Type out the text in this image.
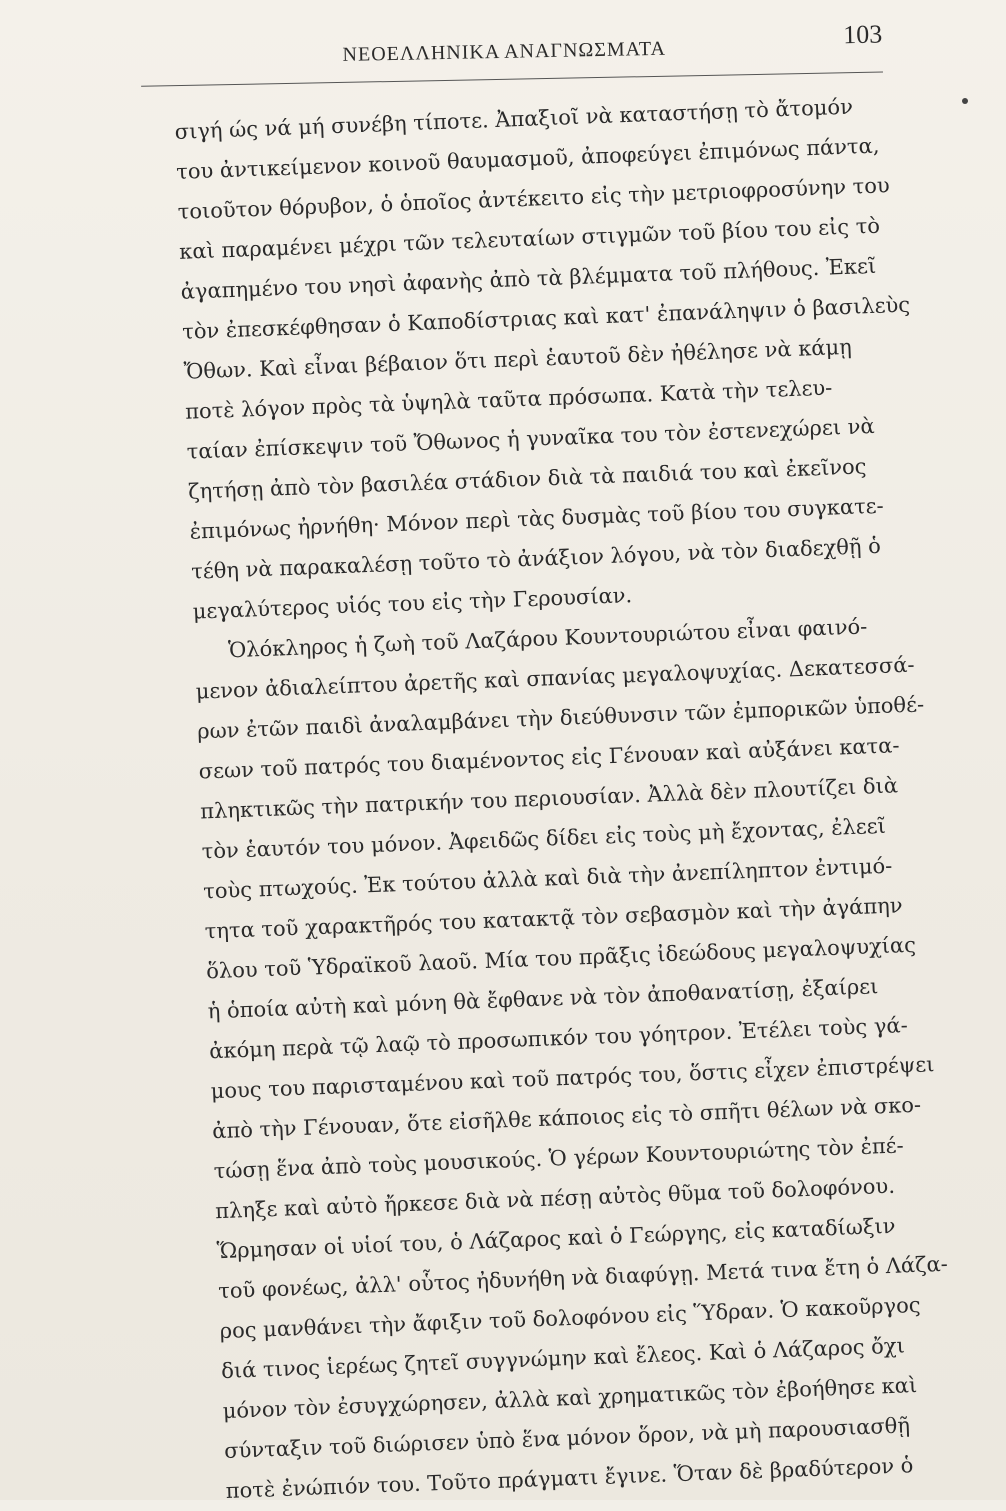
ΝΕΟΕΛΛΗΝΙΚΑ ΑΝΑΓΝΩΣΜΑΤΑ
103
σιγή ώς νά μή συνέβη τίποτε. Ἀπαξιοῖ νὰ καταστήσῃ τὸ ἄτομόν
του ἀντικείμενον κοινοῦ θαυμασμοῦ, ἀποφεύγει ἐπιμόνως πάντα,
τοιοῦτον θόρυβον, ὁ ὁποῖος ἀντέκειτο εἰς τὴν μετριοφροσύνην του
καὶ παραμένει μέχρι τῶν τελευταίων στιγμῶν τοῦ βίου του εἰς τὸ
ἀγαπημένο του νησὶ ἀφανὴς ἀπὸ τὰ βλέμματα τοῦ πλήθους. Ἐκεῖ
τὸν ἐπεσκέφθησαν ὁ Καποδίστριας καὶ κατ' ἐπανάληψιν ὁ βασιλεὺς
Ὄθων. Καὶ εἶναι βέβαιον ὅτι περὶ ἑαυτοῦ δὲν ἠθέλησε νὰ κάμῃ
ποτὲ λόγον πρὸς τὰ ὑψηλὰ ταῦτα πρόσωπα. Κατὰ τὴν τελευ-
ταίαν ἐπίσκεψιν τοῦ Ὄθωνος ἡ γυναῖκα του τὸν ἐστενεχώρει νὰ
ζητήσῃ ἀπὸ τὸν βασιλέα στάδιον διὰ τὰ παιδιά του καὶ ἐκεῖνος
ἐπιμόνως ἠρνήθη· Μόνον περὶ τὰς δυσμὰς τοῦ βίου του συγκατε-
τέθη νὰ παρακαλέσῃ τοῦτο τὸ ἀνάξιον λόγου, νὰ τὸν διαδεχθῇ ὁ
μεγαλύτερος υἱός του εἰς τὴν Γερουσίαν.
Ὁλόκληρος ἡ ζωὴ τοῦ Λαζάρου Κουντουριώτου εἶναι φαινό-
μενον ἀδιαλείπτου ἀρετῆς καὶ σπανίας μεγαλοψυχίας. Δεκατεσσά-
ρων ἐτῶν παιδὶ ἀναλαμβάνει τὴν διεύθυνσιν τῶν ἐμπορικῶν ὑποθέ-
σεων τοῦ πατρός του διαμένοντος εἰς Γένουαν καὶ αὐξάνει κατα-
πληκτικῶς τὴν πατρικήν του περιουσίαν. Ἀλλὰ δὲν πλουτίζει διὰ
τὸν ἑαυτόν του μόνον. Ἀφειδῶς δίδει εἰς τοὺς μὴ ἔχοντας, ἐλεεῖ
τοὺς πτωχούς. Ἐκ τούτου ἀλλὰ καὶ διὰ τὴν ἀνεπίληπτον ἐντιμό-
τητα τοῦ χαρακτῆρός του κατακτᾷ τὸν σεβασμὸν καὶ τὴν ἀγάπην
ὅλου τοῦ Ὑδραϊκοῦ λαοῦ. Μία του πρᾶξις ἰδεώδους μεγαλοψυχίας
ἡ ὁποία αὐτὴ καὶ μόνη θὰ ἔφθανε νὰ τὸν ἀποθανατίσῃ, ἐξαίρει
ἀκόμη περὰ τῷ λαῷ τὸ προσωπικόν του γόητρον. Ἐτέλει τοὺς γά-
μους του παρισταμένου καὶ τοῦ πατρός του, ὅστις εἶχεν ἐπιστρέψει
ἀπὸ τὴν Γένουαν, ὅτε εἰσῆλθε κάποιος εἰς τὸ σπῆτι θέλων νὰ σκο-
τώσῃ ἕνα ἀπὸ τοὺς μουσικούς. Ὁ γέρων Κουντουριώτης τὸν ἐπέ-
πληξε καὶ αὐτὸ ἤρκεσε διὰ νὰ πέσῃ αὐτὸς θῦμα τοῦ δολοφόνου.
Ὥρμησαν οἱ υἱοί του, ὁ Λάζαρος καὶ ὁ Γεώργης, εἰς καταδίωξιν
τοῦ φονέως, ἀλλ' οὗτος ἠδυνήθη νὰ διαφύγῃ. Μετά τινα ἔτη ὁ Λάζα-
ρος μανθάνει τὴν ἄφιξιν τοῦ δολοφόνου εἰς Ὕδραν. Ὁ κακοῦργος
διά τινος ἱερέως ζητεῖ συγγνώμην καὶ ἔλεος. Καὶ ὁ Λάζαρος ὄχι
μόνον τὸν ἐσυγχώρησεν, ἀλλὰ καὶ χρηματικῶς τὸν ἐβοήθησε καὶ
σύνταξιν τοῦ διώρισεν ὑπὸ ἕνα μόνον ὅρον, νὰ μὴ παρουσιασθῇ
ποτὲ ἐνώπιόν του. Τοῦτο πράγματι ἔγινε. Ὅταν δὲ βραδύτερον ὁ
